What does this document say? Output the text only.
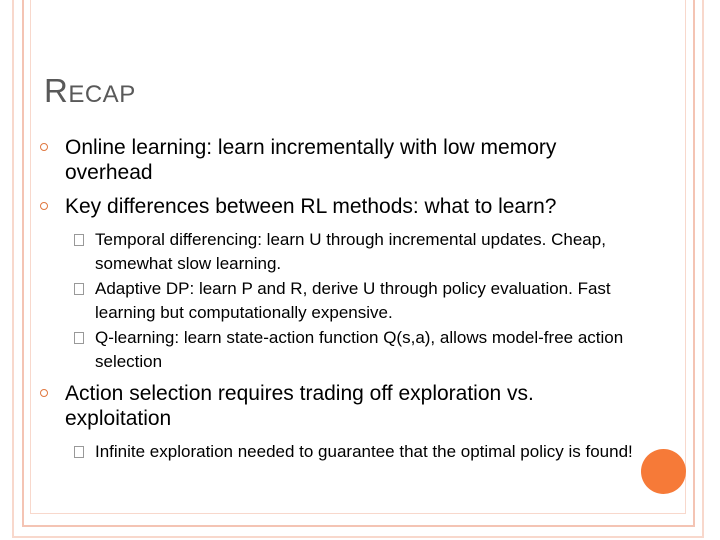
RECAP
Online learning: learn incrementally with low memory overhead
Key differences between RL methods: what to learn?
Temporal differencing: learn U through incremental updates. Cheap, somewhat slow learning.
Adaptive DP: learn P and R, derive U through policy evaluation. Fast learning but computationally expensive.
Q-learning: learn state-action function Q(s,a), allows model-free action selection
Action selection requires trading off exploration vs. exploitation
Infinite exploration needed to guarantee that the optimal policy is found!
